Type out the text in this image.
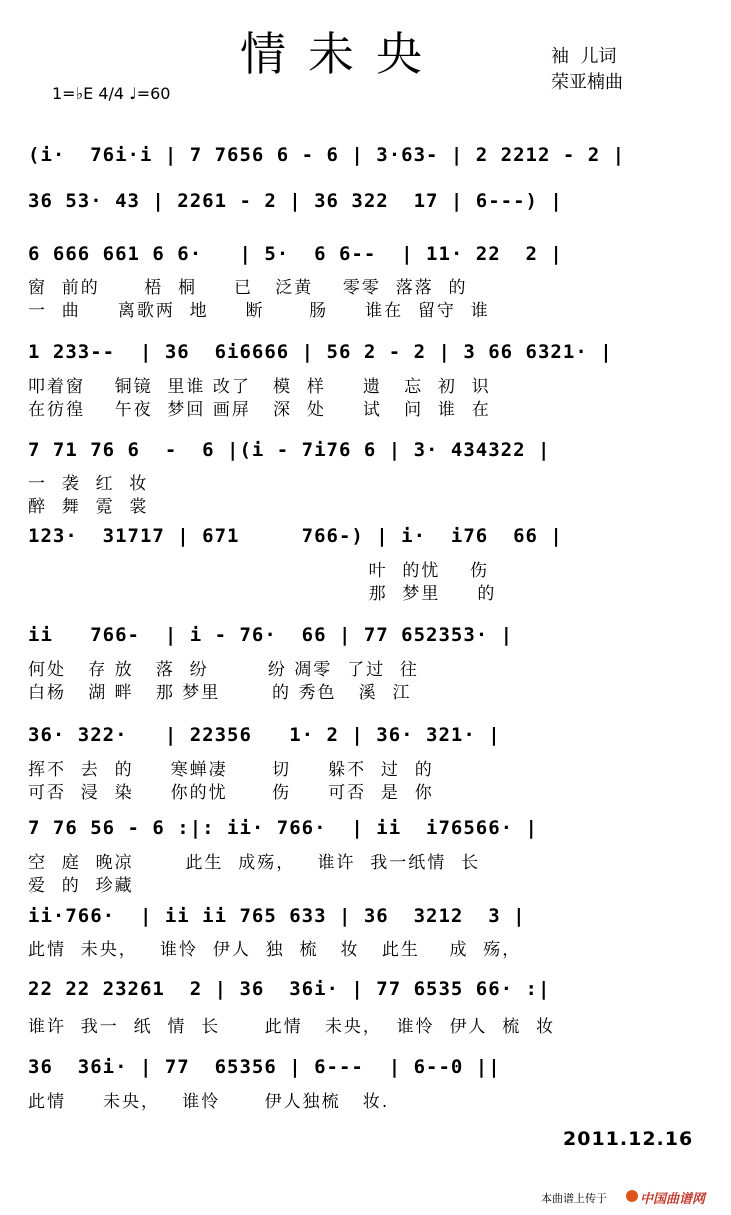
情未央	袖  儿词
荣亚楠曲
1=♭E 4/4 ♩=60
(i·  76i·i | 7 7656 6 - 6 | 3·63- | 2 2212 - 2 |
36 53· 43 | 2261 - 2 | 36 322  17 | 6---) |
6 666 661 6 6·   | 5·  6 6--  | 11· 22  2 |
窗  前的      梧  桐     已   泛黄    零零  落落  的
一  曲     离歌两  地     断      肠     谁在  留守  谁
1 233--  | 36  6i6666 | 56 2 - 2 | 3 66 6321· |
叩着窗    铜镜  里谁 改了   模  样     遗   忘  初  识
在彷徨    午夜  梦回 画屏   深  处     试   问  谁  在
7 71 76 6  -  6 |(i - 7i76 6 | 3· 434322 |
一  袭  红  妆
醉  舞  霓  裳
123·  31717 | 671     766-) | i·  i76  66 |
叶  的忧    伤
那  梦里     的
ii   766-  | i - 76·  66 | 77 652353· |
何处   存 放   落  纷        纷 凋零  了过  往
白杨   湖 畔   那 梦里       的 秀色   溪  江
36· 322·   | 22356   1· 2 | 36· 321· |
挥不  去  的     寒蝉凄      切     躲不  过  的
可否  浸  染     你的忧      伤     可否  是  你
7 76 56 - 6 :|: ii· 766·  | ii  i76566· |
空  庭  晚凉       此生  成殇，   谁许  我一纸情  长
爱  的  珍藏
ii·766·  | ii ii 765 633 | 36  3212  3 |
此情  未央，   谁怜  伊人  独  梳   妆   此生    成  殇，
22 22 23261  2 | 36  36i· | 77 6535 66· :|
谁许  我一  纸  情  长      此情   未央，  谁怜  伊人  梳  妆
36  36i· | 77  65356 | 6---  | 6--0 ||
此情     未央，   谁怜      伊人独梳   妆.
2011.12.16
本曲谱上传于	中国曲谱网
